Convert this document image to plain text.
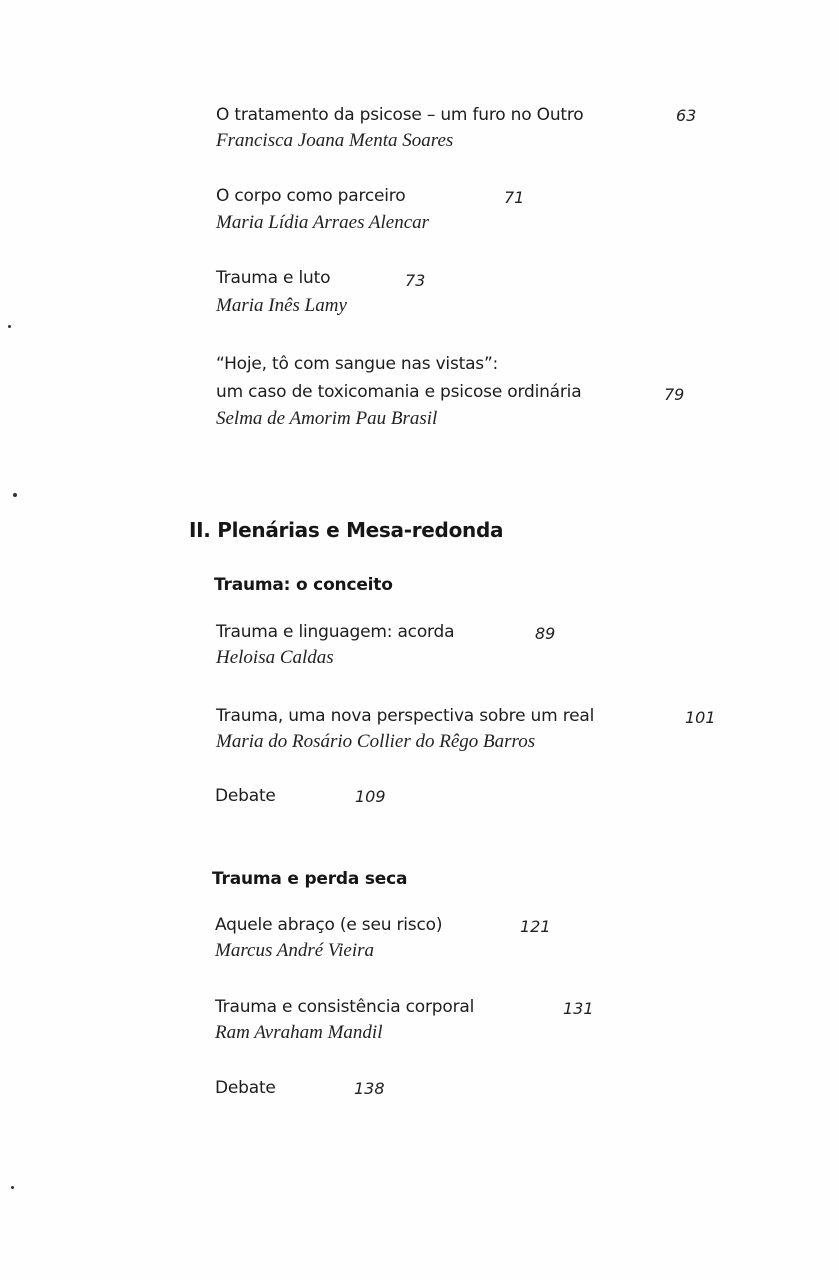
O tratamento da psicose – um furo no Outro	63
Francisca Joana Menta Soares
O corpo como parceiro	71
Maria Lídia Arraes Alencar
Trauma e luto	73
Maria Inês Lamy
“Hoje, tô com sangue nas vistas”:
um caso de toxicomania e psicose ordinária	79
Selma de Amorim Pau Brasil
II. Plenárias e Mesa-redonda
Trauma: o conceito
Trauma e linguagem: acorda	89
Heloisa Caldas
Trauma, uma nova perspectiva sobre um real	101
Maria do Rosário Collier do Rêgo Barros
Debate	109
Trauma e perda seca
Aquele abraço (e seu risco)	121
Marcus André Vieira
Trauma e consistência corporal	131
Ram Avraham Mandil
Debate	138
